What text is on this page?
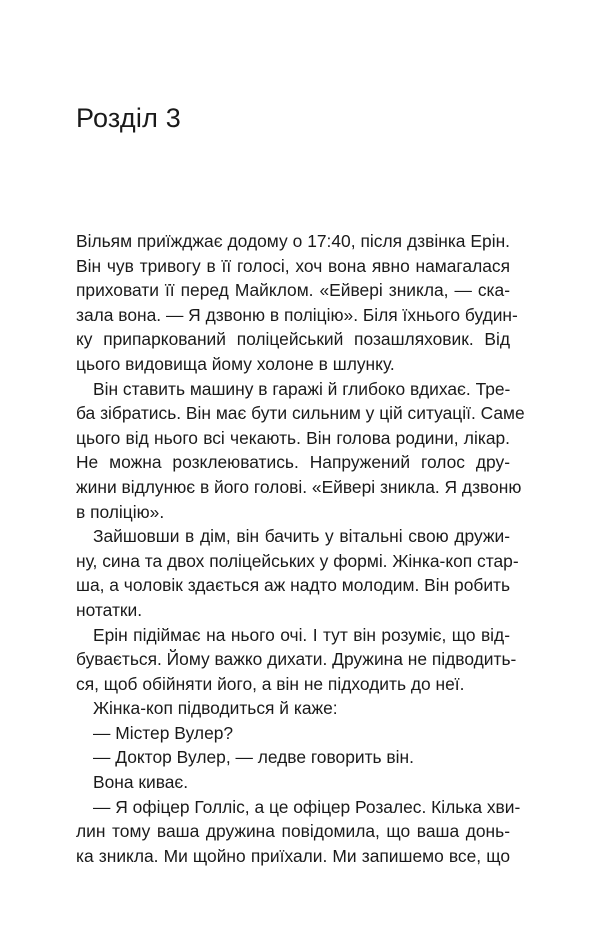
Розділ 3
Вільям приїжджає додому о 17:40, після дзвінка Ерін.
Він чув тривогу в її голосі, хоч вона явно намагалася
приховати її перед Майклом. «Ейвері зникла, — ска-
зала вона. — Я дзвоню в поліцію». Біля їхнього будин-
ку припаркований поліцейський позашляховик. Від
цього видовища йому холоне в шлунку.
Він ставить машину в гаражі й глибоко вдихає. Тре-
ба зібратись. Він має бути сильним у цій ситуації. Саме
цього від нього всі чекають. Він голова родини, лікар.
Не можна розклеюватись. Напружений голос дру-
жини відлунює в його голові. «Ейвері зникла. Я дзвоню
в поліцію».
Зайшовши в дім, він бачить у вітальні свою дружи-
ну, сина та двох поліцейських у формі. Жінка-коп стар-
ша, а чоловік здається аж надто молодим. Він робить
нотатки.
Ерін підіймає на нього очі. І тут він розуміє, що від-
бувається. Йому важко дихати. Дружина не підводить-
ся, щоб обійняти його, а він не підходить до неї.
Жінка-коп підводиться й каже:
— Містер Вулер?
— Доктор Вулер, — ледве говорить він.
Вона киває.
— Я офіцер Голліс, а це офіцер Розалес. Кілька хви-
лин тому ваша дружина повідомила, що ваша донь-
ка зникла. Ми щойно приїхали. Ми запишемо все, що
